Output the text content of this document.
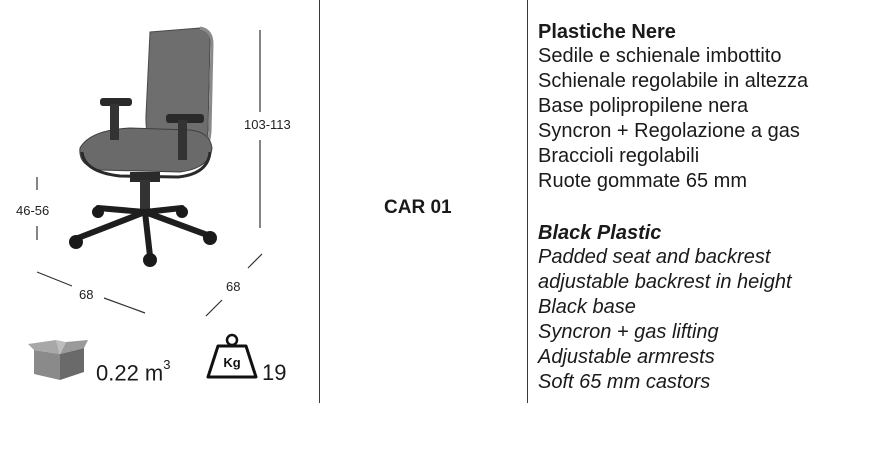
103-113
46-56
68
68
0.22 $m^3$	Kg 19
CAR 01

Plastiche Nere

Sedile e schienale imbottito

Schienale regolabile in altezza

Base polipropilene nera

Syncron + Regolazione a gas

Braccioli regolabili

Ruote gommate 65 mm

Black Plastic

Padded seat and backrest

adjustable backrest in height

Black base

Syncron + gas lifting

Adjustable armrests

Soft 65 mm castors
